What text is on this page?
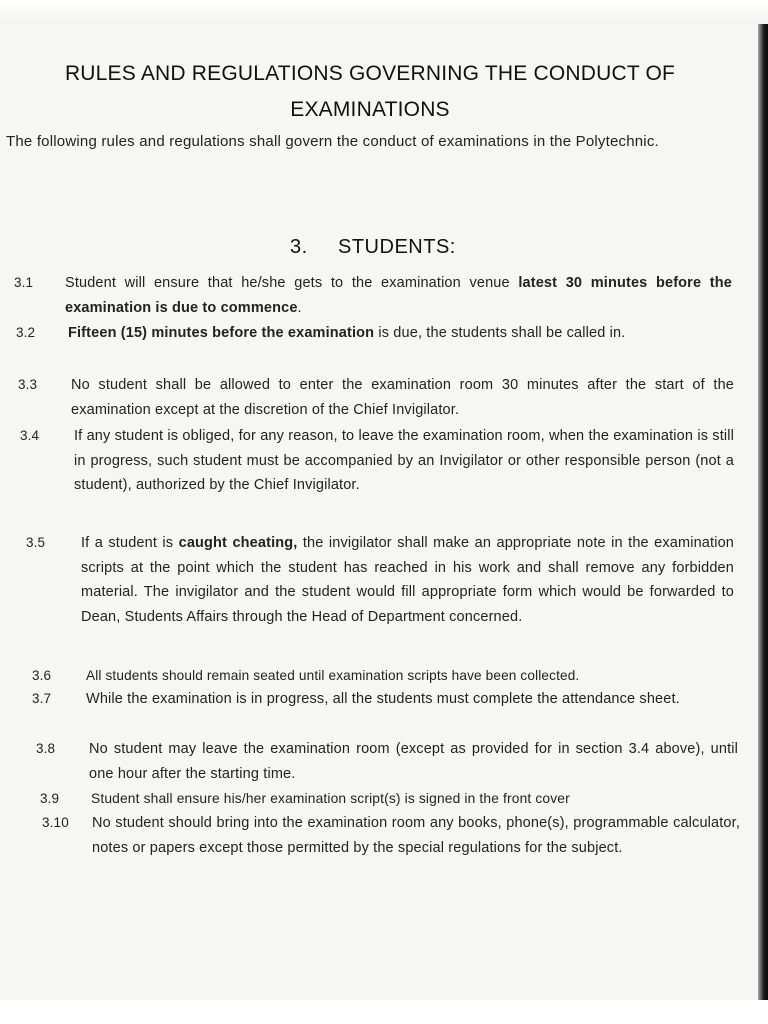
RULES AND REGULATIONS GOVERNING THE CONDUCT OF
EXAMINATIONS
The following rules and regulations shall govern the conduct of examinations in the Polytechnic.
3. STUDENTS:
3.1 Student will ensure that he/she gets to the examination venue latest 30 minutes before the examination is due to commence.
3.2 Fifteen (15) minutes before the examination is due, the students shall be called in.
3.3 No student shall be allowed to enter the examination room 30 minutes after the start of the examination except at the discretion of the Chief Invigilator.
3.4 If any student is obliged, for any reason, to leave the examination room, when the examination is still in progress, such student must be accompanied by an Invigilator or other responsible person (not a student), authorized by the Chief Invigilator.
3.5 If a student is caught cheating, the invigilator shall make an appropriate note in the examination scripts at the point which the student has reached in his work and shall remove any forbidden material. The invigilator and the student would fill appropriate form which would be forwarded to Dean, Students Affairs through the Head of Department concerned.
3.6	All students should remain seated until examination scripts have been collected.
3.7 While the examination is in progress, all the students must complete the attendance sheet.
3.8 No student may leave the examination room (except as provided for in section 3.4 above), until one hour after the starting time.
3.9 Student shall ensure his/her examination script(s) is signed in the front cover
3.10 No student should bring into the examination room any books, phone(s), programmable calculator, notes or papers except those permitted by the special regulations for the subject.
